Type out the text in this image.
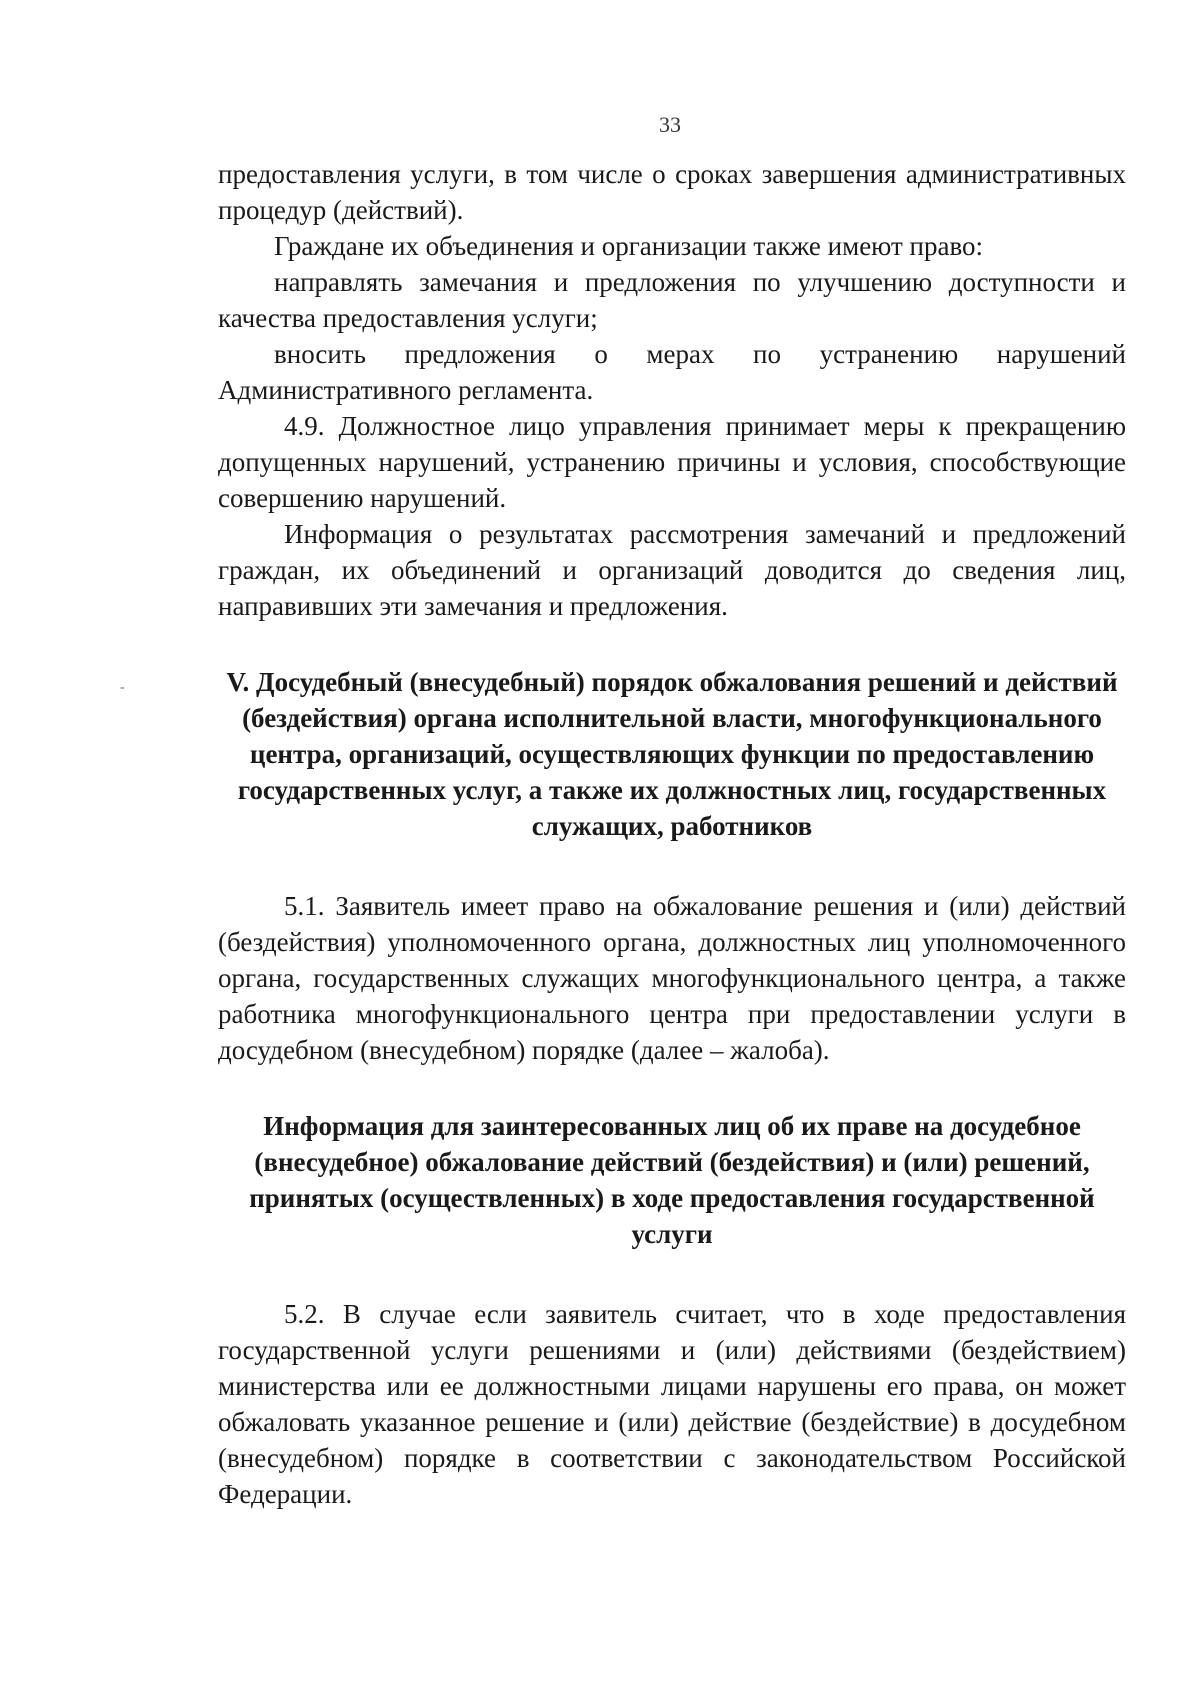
33
-

предоставления услуги, в том числе о сроках завершения административных процедур (действий).

Граждане их объединения и организации также имеют право:

направлять замечания и предложения по улучшению доступности и качества предоставления услуги;

вносить предложения о мерах по устранению нарушений Административного регламента.

4.9. Должностное лицо управления принимает меры к прекращению допущенных нарушений, устранению причины и условия, способствующие совершению нарушений.

Информация о результатах рассмотрения замечаний и предложений граждан, их объединений и организаций доводится до сведения лиц, направивших эти замечания и предложения.

V. Досудебный (внесудебный) порядок обжалования решений и действий (бездействия) органа исполнительной власти, многофункционального центра, организаций, осуществляющих функции по предоставлению государственных услуг, а также их должностных лиц, государственных служащих, работников

5.1. Заявитель имеет право на обжалование решения и (или) действий (бездействия) уполномоченного органа, должностных лиц уполномоченного органа, государственных служащих многофункционального центра, а также работника многофункционального центра при предоставлении услуги в досудебном (внесудебном) порядке (далее – жалоба).

Информация для заинтересованных лиц об их праве на досудебное (внесудебное) обжалование действий (бездействия) и (или) решений, принятых (осуществленных) в ходе предоставления государственной услуги

5.2. В случае если заявитель считает, что в ходе предоставления государственной услуги решениями и (или) действиями (бездействием) министерства или ее должностными лицами нарушены его права, он может обжаловать указанное решение и (или) действие (бездействие) в досудебном (внесудебном) порядке в соответствии с законодательством Российской Федерации.
